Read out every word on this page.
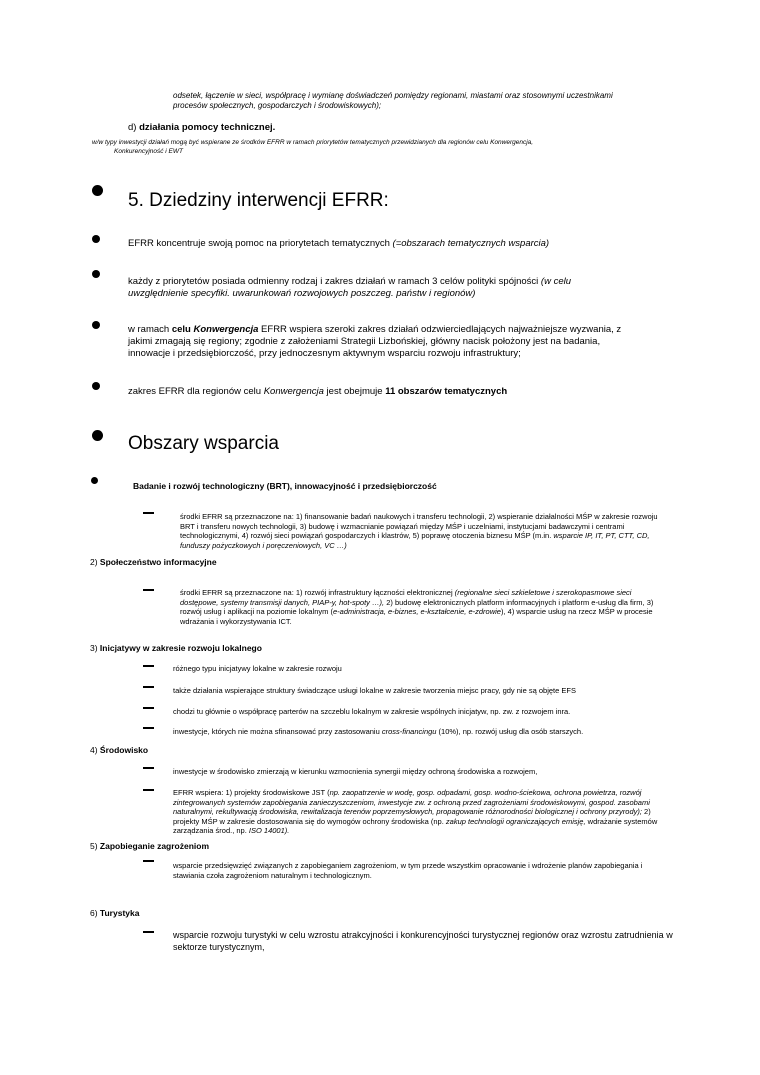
odsetek, łączenie w sieci, współpracę i wymianę doświadczeń pomiędzy regionami, miastami oraz stosownymi uczestnikami
procesów społecznych, gospodarczych i środowiskowych);
d) działania pomocy technicznej.
w/w typy inwestycji działań mogą być wspierane ze środków EFRR w ramach priorytetów tematycznych przewidzianych dla regionów celu Konwergencja,
Konkurencyjność i EWT
5. Dziedziny interwencji EFRR:
EFRR koncentruje swoją pomoc na priorytetach tematycznych (=obszarach tematycznych wsparcia)
każdy z priorytetów posiada odmienny rodzaj i zakres działań w ramach 3 celów polityki spójności (w celu
uwzględnienie specyfiki. uwarunkowań rozwojowych poszczeg. państw i regionów)
w ramach celu Konwergencja EFRR wspiera szeroki zakres działań odzwierciedlających najważniejsze wyzwania, z
jakimi zmagają się regiony; zgodnie z założeniami Strategii Lizbońskiej, główny nacisk położony jest na badania,
innowacje i przedsiębiorczość, przy jednoczesnym aktywnym wsparciu rozwoju infrastruktury;
zakres EFRR dla regionów celu Konwergencja jest obejmuje 11 obszarów tematycznych
Obszary wsparcia
Badanie i rozwój technologiczny (BRT), innowacyjność i przedsiębiorczość
środki EFRR są przeznaczone na: 1) finansowanie badań naukowych i transferu technologii, 2) wspieranie działalności MŚP w zakresie rozwoju
BRT i transferu nowych technologii, 3) budowę i wzmacnianie powiązań między MŚP i uczelniami, instytucjami badawczymi i centrami
technologicznymi, 4) rozwój sieci powiązań gospodarczych i klastrów, 5) poprawę otoczenia biznesu MŚP (m.in. wsparcie IP, IT, PT, CTT, CD,
funduszy pożyczkowych i poręczeniowych, VC …)
2) Społeczeństwo informacyjne
środki EFRR są przeznaczone na: 1) rozwój infrastruktury łączności elektronicznej (regionalne sieci szkieletowe i szerokopasmowe sieci
dostępowe, systemy transmisji danych, PIAP-y, hot-spoty …), 2) budowę elektronicznych platform informacyjnych i platform e-usług dla firm, 3)
rozwój usług i aplikacji na poziomie lokalnym (e-administracja, e-biznes, e-kształcenie, e-zdrowie), 4) wsparcie usług na rzecz MŚP w procesie
wdrażania i wykorzystywania ICT.
3) Inicjatywy w zakresie rozwoju lokalnego
różnego typu inicjatywy lokalne w zakresie rozwoju
także działania wspierające struktury świadczące usługi lokalne w zakresie tworzenia miejsc pracy, gdy nie są objęte EFS
chodzi tu głównie o współpracę parterów na szczeblu lokalnym w zakresie wspólnych inicjatyw, np. zw. z rozwojem inra.
inwestycje, których nie można sfinansować przy zastosowaniu cross-financingu (10%), np. rozwój usług dla osób starszych.
4) Środowisko
inwestycje w środowisko zmierzają w kierunku wzmocnienia synergii między ochroną środowiska a rozwojem,
EFRR wspiera: 1) projekty środowiskowe JST (np. zaopatrzenie w wodę, gosp. odpadami, gosp. wodno-ściekowa, ochrona powietrza, rozwój
zintegrowanych systemów zapobiegania zanieczyszczeniom, inwestycje zw. z ochroną przed zagrożeniami środowiskowymi, gospod. zasobami
naturalnymi, rekultywacją środowiska, rewitalizacja terenów poprzemysłowych, propagowanie różnorodności biologicznej i ochrony przyrody); 2)
projekty MŚP w zakresie dostosowania się do wymogów ochrony środowiska (np. zakup technologii ograniczających emisję, wdrażanie systemów
zarządzania środ., np. ISO 14001).
5) Zapobieganie zagrożeniom
wsparcie przedsięwzięć związanych z zapobieganiem zagrożeniom, w tym przede wszystkim opracowanie i wdrożenie planów zapobiegania i
stawiania czoła zagrożeniom naturalnym i technologicznym.
6) Turystyka
wsparcie rozwoju turystyki w celu wzrostu atrakcyjności i konkurencyjności turystycznej regionów oraz wzrostu zatrudnienia w
sektorze turystycznym,
